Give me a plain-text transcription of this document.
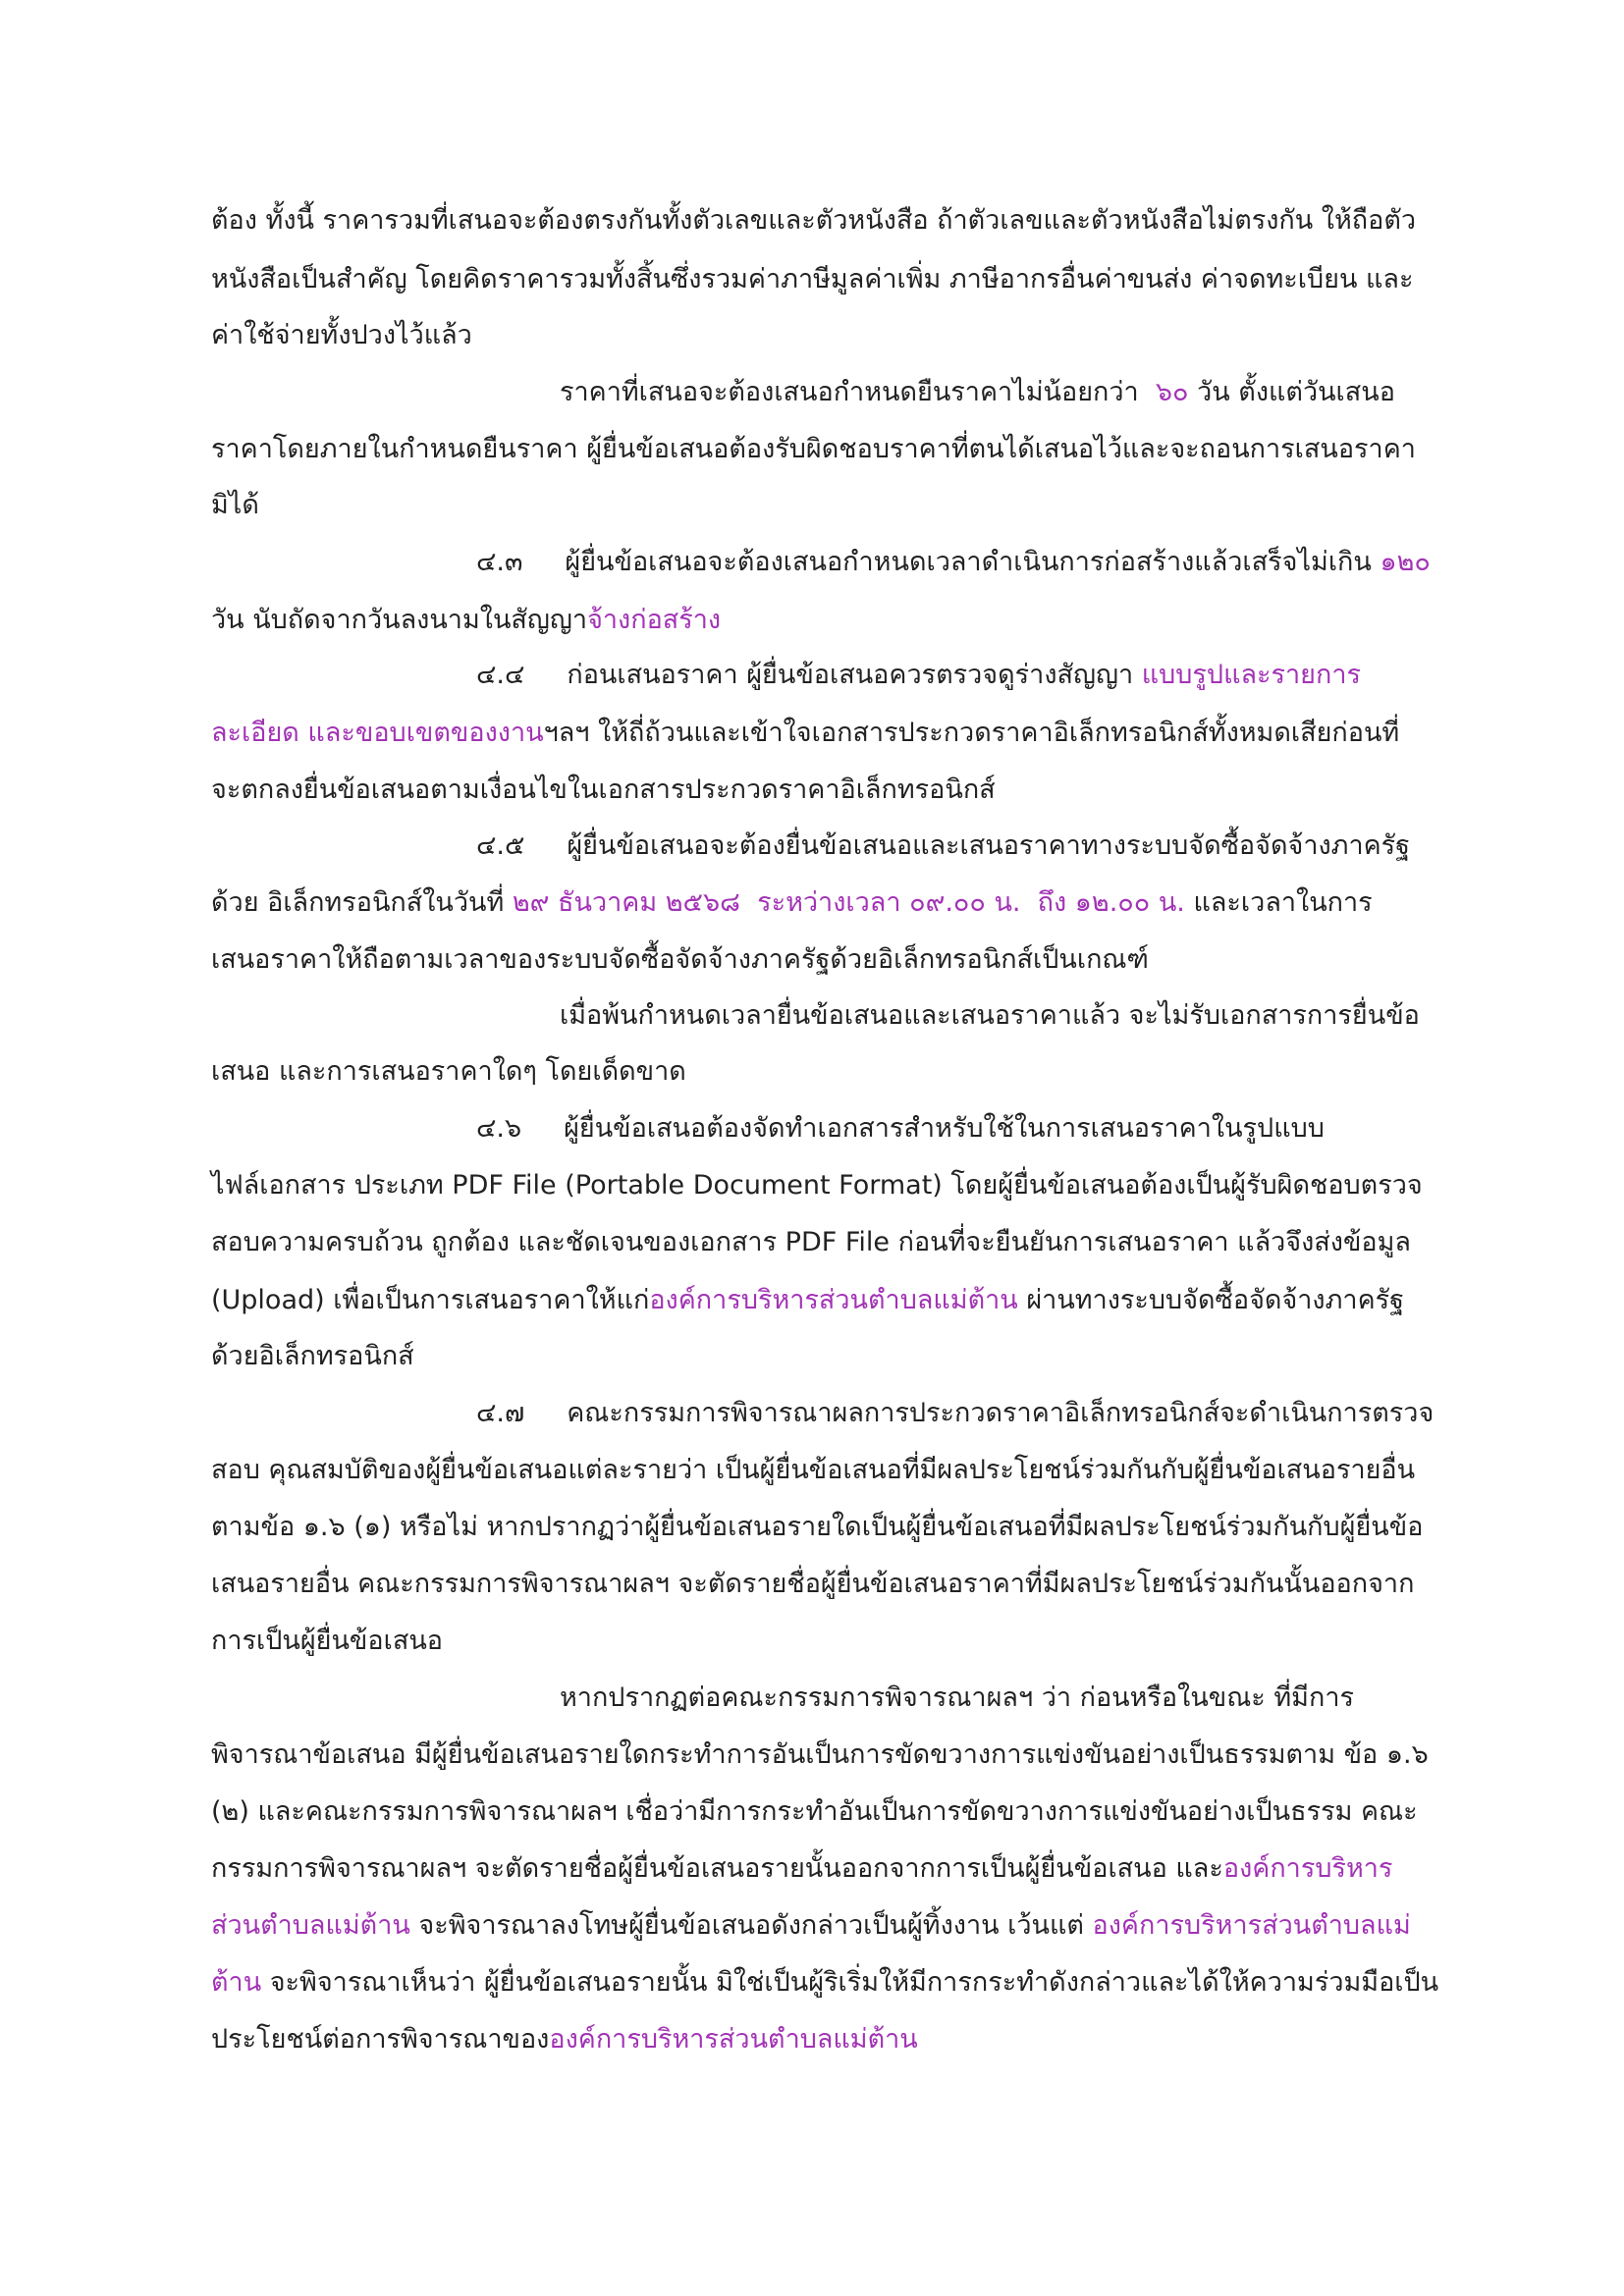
ต้อง ทั้งนี้ ราคารวมที่เสนอจะต้องตรงกันทั้งตัวเลขและตัวหนังสือ ถ้าตัวเลขและตัวหนังสือไม่ตรงกัน ให้ถือตัว
หนังสือเป็นสำคัญ โดยคิดราคารวมทั้งสิ้นซึ่งรวมค่าภาษีมูลค่าเพิ่ม ภาษีอากรอื่นค่าขนส่ง ค่าจดทะเบียน และ
ค่าใช้จ่ายทั้งปวงไว้แล้ว
ราคาที่เสนอจะต้องเสนอกำหนดยืนราคาไม่น้อยกว่า  ๖๐ วัน ตั้งแต่วันเสนอ
ราคาโดยภายในกำหนดยืนราคา ผู้ยื่นข้อเสนอต้องรับผิดชอบราคาที่ตนได้เสนอไว้และจะถอนการเสนอราคา
มิได้
๔.๓     ผู้ยื่นข้อเสนอจะต้องเสนอกำหนดเวลาดำเนินการก่อสร้างแล้วเสร็จไม่เกิน ๑๒๐
วัน นับถัดจากวันลงนามในสัญญาจ้างก่อสร้าง
๔.๔     ก่อนเสนอราคา ผู้ยื่นข้อเสนอควรตรวจดูร่างสัญญา แบบรูปและรายการ
ละเอียด และขอบเขตของงานฯลฯ ให้ถี่ถ้วนและเข้าใจเอกสารประกวดราคาอิเล็กทรอนิกส์ทั้งหมดเสียก่อนที่
จะตกลงยื่นข้อเสนอตามเงื่อนไขในเอกสารประกวดราคาอิเล็กทรอนิกส์
๔.๕     ผู้ยื่นข้อเสนอจะต้องยื่นข้อเสนอและเสนอราคาทางระบบจัดซื้อจัดจ้างภาครัฐ
ด้วย อิเล็กทรอนิกส์ในวันที่ ๒๙ ธันวาคม ๒๕๖๘  ระหว่างเวลา ๐๙.๐๐ น.  ถึง ๑๒.๐๐ น. และเวลาในการ
เสนอราคาให้ถือตามเวลาของระบบจัดซื้อจัดจ้างภาครัฐด้วยอิเล็กทรอนิกส์เป็นเกณฑ์
เมื่อพ้นกำหนดเวลายื่นข้อเสนอและเสนอราคาแล้ว จะไม่รับเอกสารการยื่นข้อ
เสนอ และการเสนอราคาใดๆ โดยเด็ดขาด
๔.๖     ผู้ยื่นข้อเสนอต้องจัดทำเอกสารสำหรับใช้ในการเสนอราคาในรูปแบบ
ไฟล์เอกสาร ประเภท PDF File (Portable Document Format) โดยผู้ยื่นข้อเสนอต้องเป็นผู้รับผิดชอบตรวจ
สอบความครบถ้วน ถูกต้อง และชัดเจนของเอกสาร PDF File ก่อนที่จะยืนยันการเสนอราคา แล้วจึงส่งข้อมูล
(Upload) เพื่อเป็นการเสนอราคาให้แก่องค์การบริหารส่วนตำบลแม่ต้าน ผ่านทางระบบจัดซื้อจัดจ้างภาครัฐ
ด้วยอิเล็กทรอนิกส์
๔.๗     คณะกรรมการพิจารณาผลการประกวดราคาอิเล็กทรอนิกส์จะดำเนินการตรวจ
สอบ คุณสมบัติของผู้ยื่นข้อเสนอแต่ละรายว่า เป็นผู้ยื่นข้อเสนอที่มีผลประโยชน์ร่วมกันกับผู้ยื่นข้อเสนอรายอื่น
ตามข้อ ๑.๖ (๑) หรือไม่ หากปรากฏว่าผู้ยื่นข้อเสนอรายใดเป็นผู้ยื่นข้อเสนอที่มีผลประโยชน์ร่วมกันกับผู้ยื่นข้อ
เสนอรายอื่น คณะกรรมการพิจารณาผลฯ จะตัดรายชื่อผู้ยื่นข้อเสนอราคาที่มีผลประโยชน์ร่วมกันนั้นออกจาก
การเป็นผู้ยื่นข้อเสนอ
หากปรากฏต่อคณะกรรมการพิจารณาผลฯ ว่า ก่อนหรือในขณะ ที่มีการ
พิจารณาข้อเสนอ มีผู้ยื่นข้อเสนอรายใดกระทำการอันเป็นการขัดขวางการแข่งขันอย่างเป็นธรรมตาม ข้อ ๑.๖
(๒) และคณะกรรมการพิจารณาผลฯ เชื่อว่ามีการกระทำอันเป็นการขัดขวางการแข่งขันอย่างเป็นธรรม คณะ
กรรมการพิจารณาผลฯ จะตัดรายชื่อผู้ยื่นข้อเสนอรายนั้นออกจากการเป็นผู้ยื่นข้อเสนอ และองค์การบริหาร
ส่วนตำบลแม่ต้าน จะพิจารณาลงโทษผู้ยื่นข้อเสนอดังกล่าวเป็นผู้ทิ้งงาน เว้นแต่ องค์การบริหารส่วนตำบลแม่
ต้าน จะพิจารณาเห็นว่า ผู้ยื่นข้อเสนอรายนั้น มิใช่เป็นผู้ริเริ่มให้มีการกระทำดังกล่าวและได้ให้ความร่วมมือเป็น
ประโยชน์ต่อการพิจารณาขององค์การบริหารส่วนตำบลแม่ต้าน
